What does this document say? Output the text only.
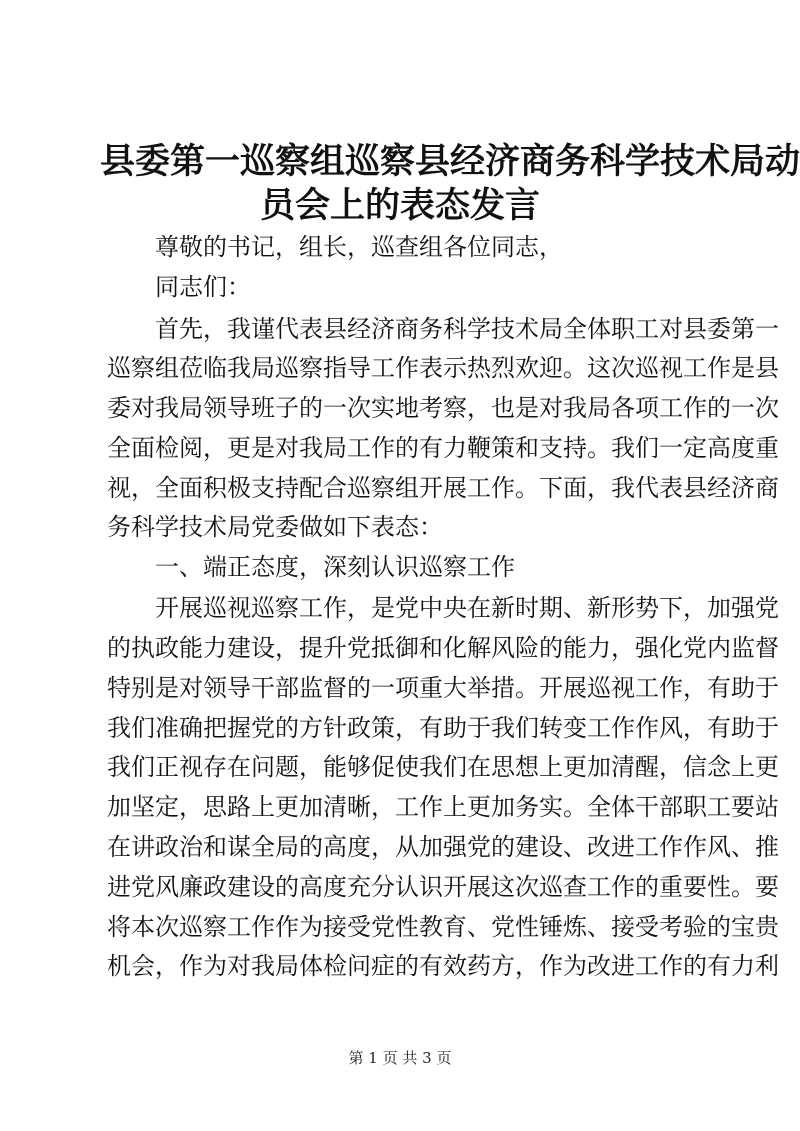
县委第一巡察组巡察县经济商务科学技术局动
员会上的表态发言
尊敬的书记，组长，巡查组各位同志，
同志们：
首先，我谨代表县经济商务科学技术局全体职工对县委第一
巡察组莅临我局巡察指导工作表示热烈欢迎。这次巡视工作是县
委对我局领导班子的一次实地考察，也是对我局各项工作的一次
全面检阅，更是对我局工作的有力鞭策和支持。我们一定高度重
视，全面积极支持配合巡察组开展工作。下面，我代表县经济商
务科学技术局党委做如下表态：
一、端正态度，深刻认识巡察工作
开展巡视巡察工作，是党中央在新时期、新形势下，加强党
的执政能力建设，提升党抵御和化解风险的能力，强化党内监督
特别是对领导干部监督的一项重大举措。开展巡视工作，有助于
我们准确把握党的方针政策，有助于我们转变工作作风，有助于
我们正视存在问题，能够促使我们在思想上更加清醒，信念上更
加坚定，思路上更加清晰，工作上更加务实。全体干部职工要站
在讲政治和谋全局的高度，从加强党的建设、改进工作作风、推
进党风廉政建设的高度充分认识开展这次巡查工作的重要性。要
将本次巡察工作作为接受党性教育、党性锤炼、接受考验的宝贵
机会，作为对我局体检问症的有效药方，作为改进工作的有力利
第 1 页 共 3 页
